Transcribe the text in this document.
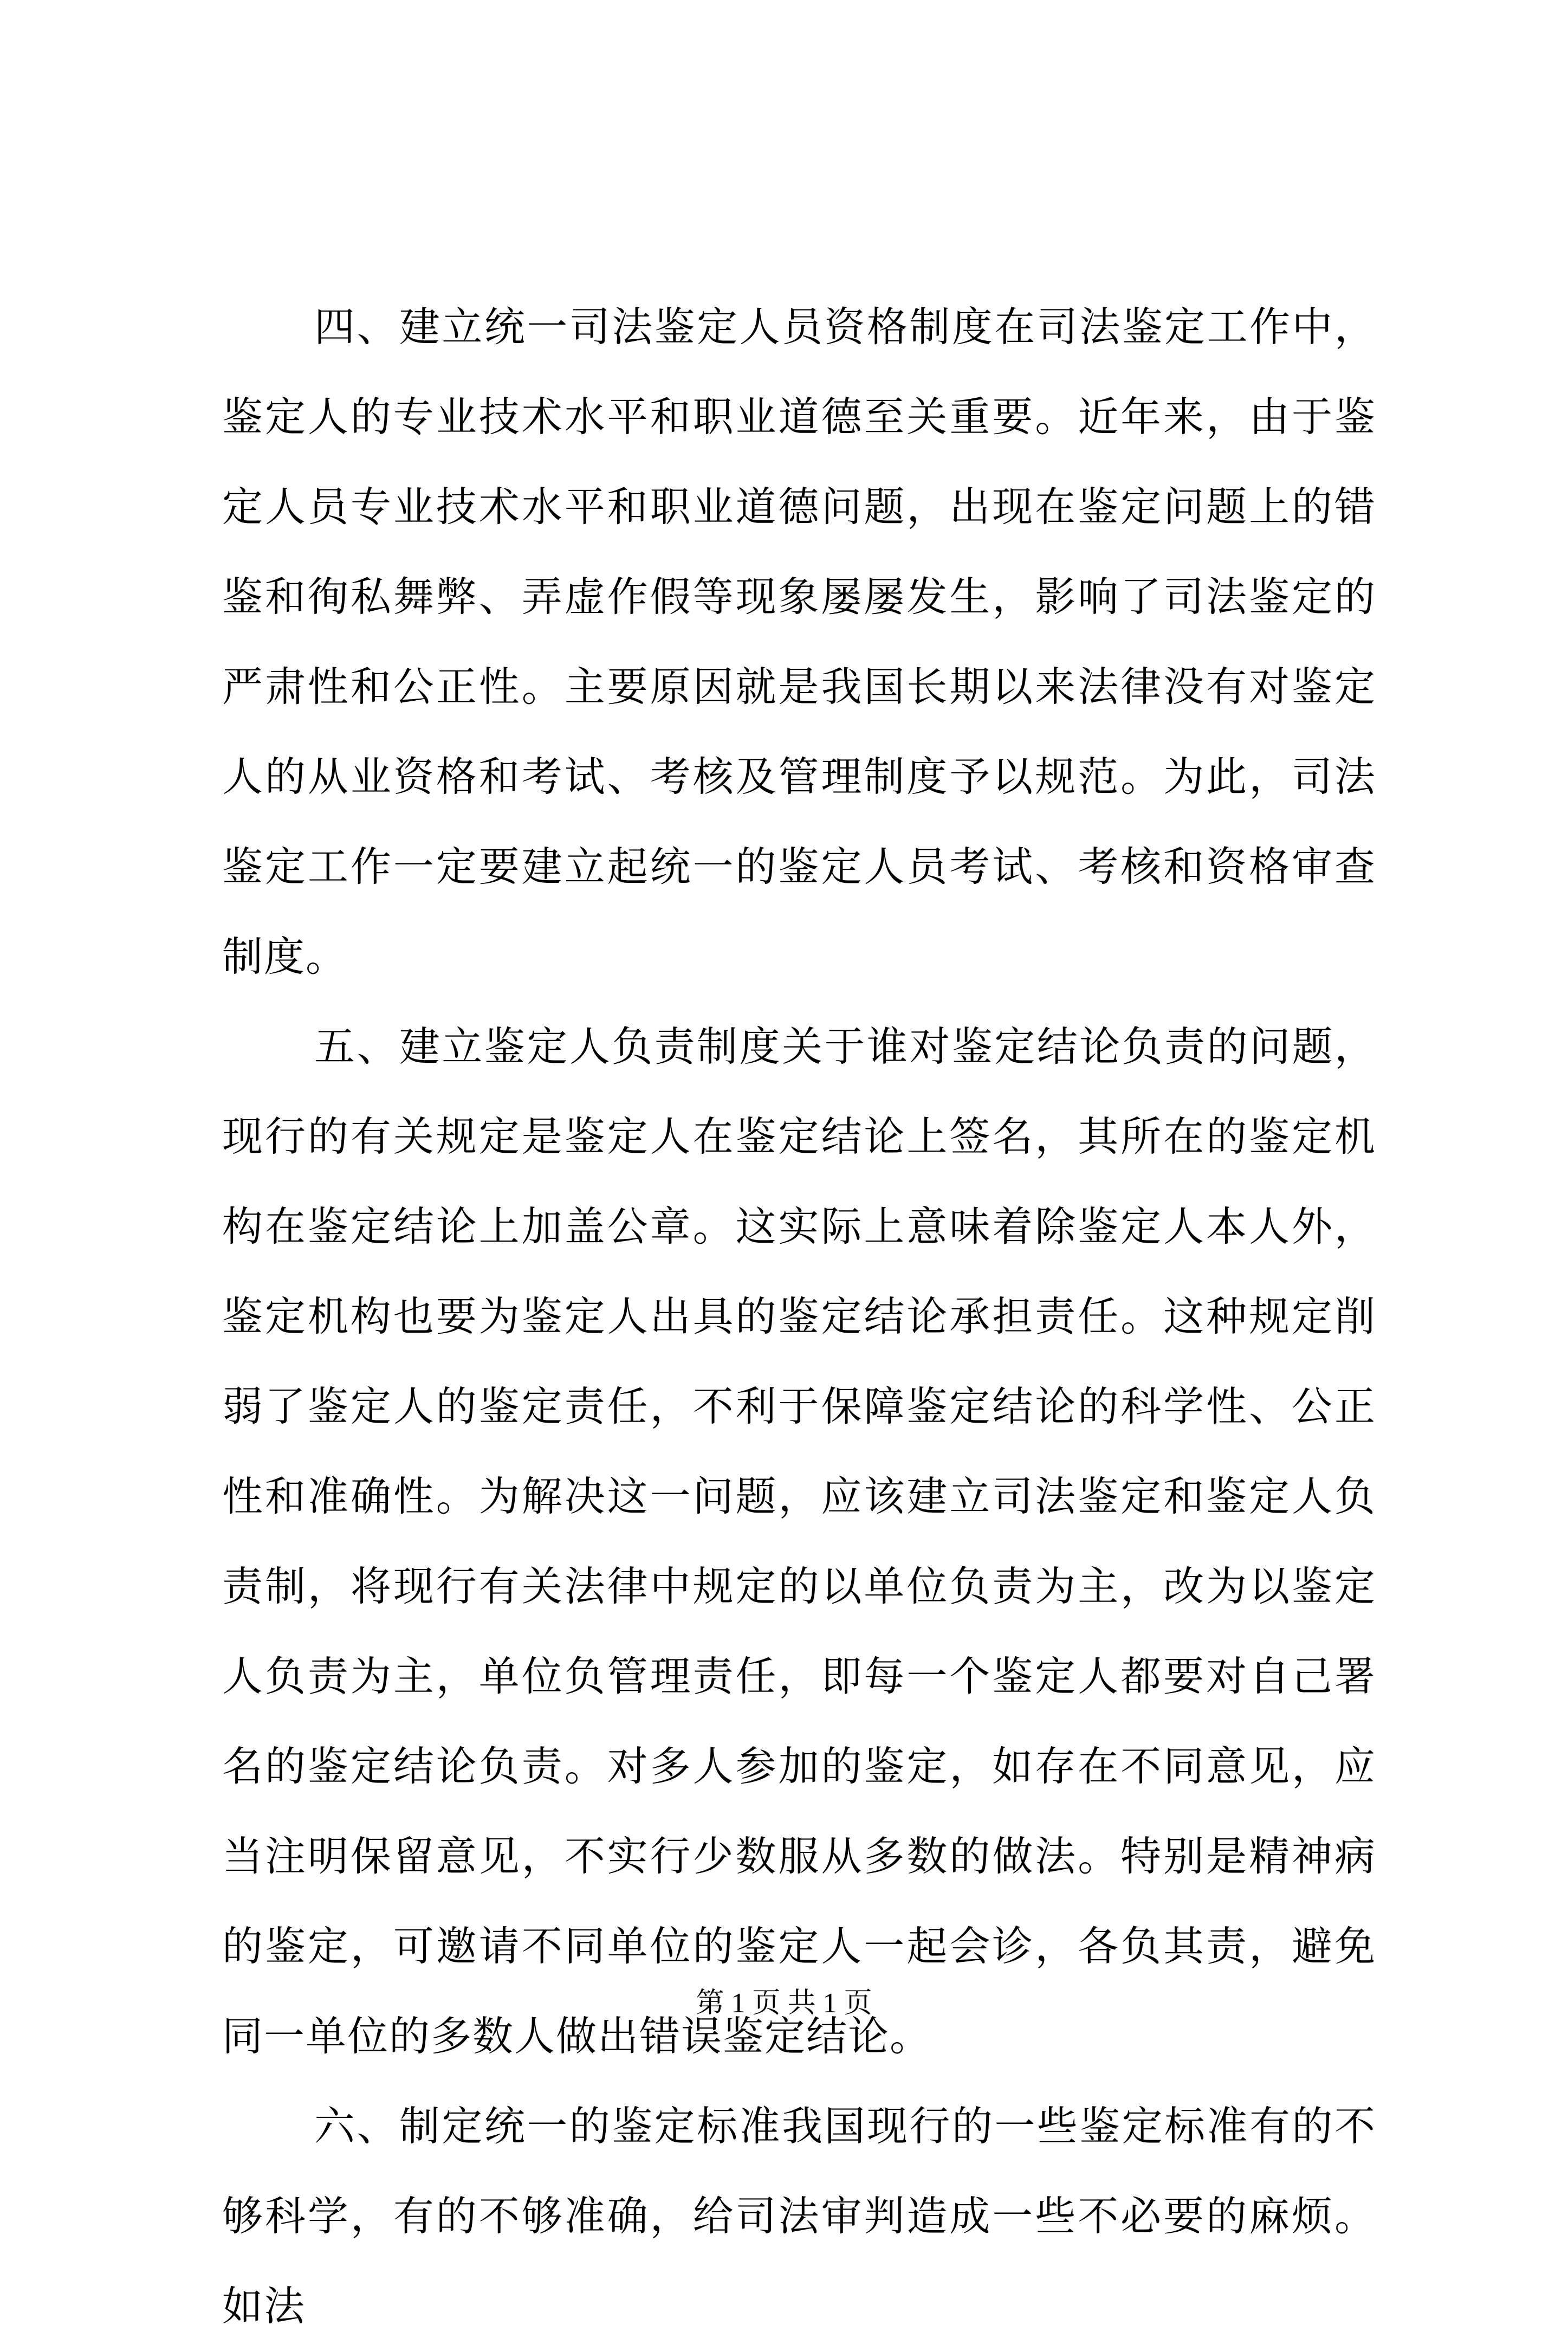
四、建立统一司法鉴定人员资格制度在司法鉴定工作中，鉴定人的专业技术水平和职业道德至关重要。近年来，由于鉴定人员专业技术水平和职业道德问题，出现在鉴定问题上的错鉴和徇私舞弊、弄虚作假等现象屡屡发生，影响了司法鉴定的严肃性和公正性。主要原因就是我国长期以来法律没有对鉴定人的从业资格和考试、考核及管理制度予以规范。为此，司法鉴定工作一定要建立起统一的鉴定人员考试、考核和资格审查制度。

五、建立鉴定人负责制度关于谁对鉴定结论负责的问题，现行的有关规定是鉴定人在鉴定结论上签名，其所在的鉴定机构在鉴定结论上加盖公章。这实际上意味着除鉴定人本人外，鉴定机构也要为鉴定人出具的鉴定结论承担责任。这种规定削弱了鉴定人的鉴定责任，不利于保障鉴定结论的科学性、公正性和准确性。为解决这一问题，应该建立司法鉴定和鉴定人负责制，将现行有关法律中规定的以单位负责为主，改为以鉴定人负责为主，单位负管理责任，即每一个鉴定人都要对自己署名的鉴定结论负责。对多人参加的鉴定，如存在不同意见，应当注明保留意见，不实行少数服从多数的做法。特别是精神病的鉴定，可邀请不同单位的鉴定人一起会诊，各负其责，避免同一单位的多数人做出错误鉴定结论。

六、制定统一的鉴定标准我国现行的一些鉴定标准有的不够科学，有的不够准确，给司法审判造成一些不必要的麻烦。如法

第 1 页 共 1 页
